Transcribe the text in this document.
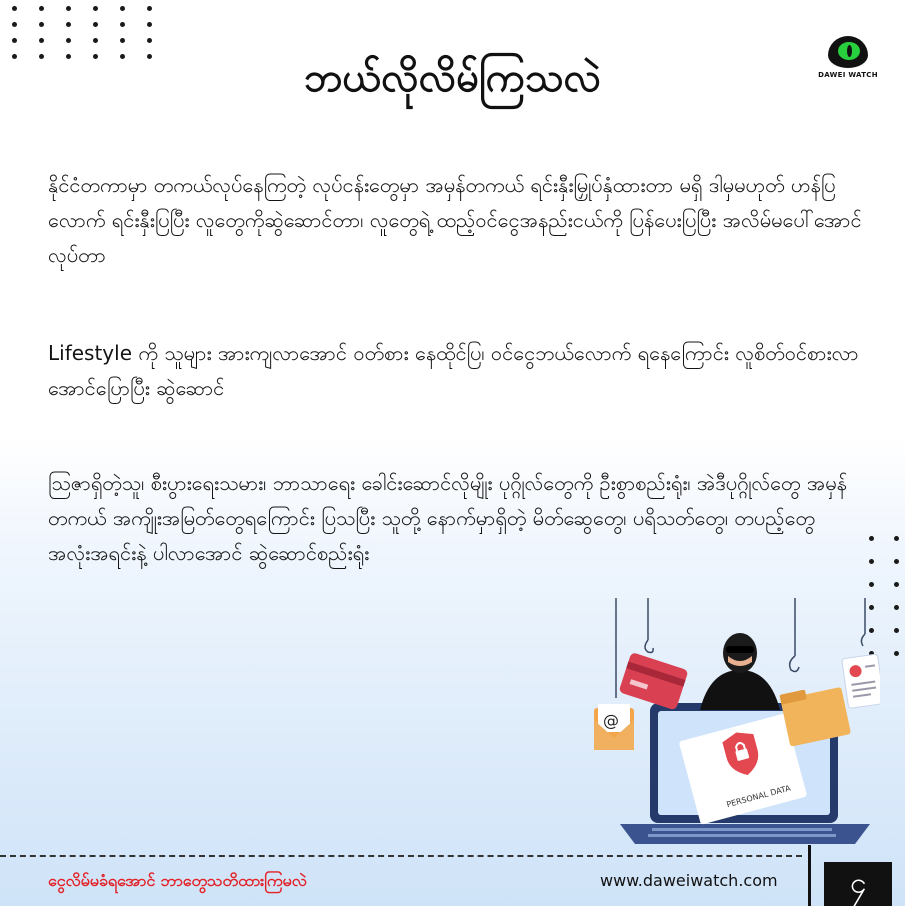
ဘယ်လိုလိမ်ကြသလဲ	DAWEI WATCH
နိုင်ငံတကာမှာ တကယ်လုပ်နေကြတဲ့ လုပ်ငန်းတွေမှာ အမှန်တကယ် ရင်းနှီးမြှုပ်နှံထားတာ မရှိ ဒါမှမဟုတ် ဟန်ပြလောက် ရင်းနှီးပြပြီး လူတွေကိုဆွဲဆောင်တာ၊ လူတွေရဲ့ ထည့်ဝင်ငွေအနည်းငယ်ကို ပြန်ပေးပြပြီး အလိမ်မပေါ်အောင် လုပ်တာ
Lifestyle ကို သူများ အားကျလာအောင် ဝတ်စား နေထိုင်ပြ၊ ဝင်ငွေဘယ်လောက် ရနေကြောင်း လူစိတ်ဝင်စားလာအောင်ပြောပြီး ဆွဲဆောင်
သြဇာရှိတဲ့သူ၊ စီးပွားရေးသမား၊ ဘာသာရေး ခေါင်းဆောင်လိုမျိုး ပုဂ္ဂိုလ်တွေကို ဦးစွာစည်းရုံး၊ အဲဒီပုဂ္ဂိုလ်တွေ အမှန်တကယ် အကျိုးအမြတ်တွေရကြောင်း ပြသပြီး သူတို့ နောက်မှာရှိတဲ့ မိတ်ဆွေတွေ၊ ပရိသတ်တွေ၊ တပည့်တွေ အလုံးအရင်းနဲ့ ပါလာအောင် ဆွဲဆောင်စည်းရုံး
PERSONAL DATA
@
ငွေလိမ်မခံရအောင် ဘာတွေသတိထားကြမလဲ	www.daweiwatch.com	၄
